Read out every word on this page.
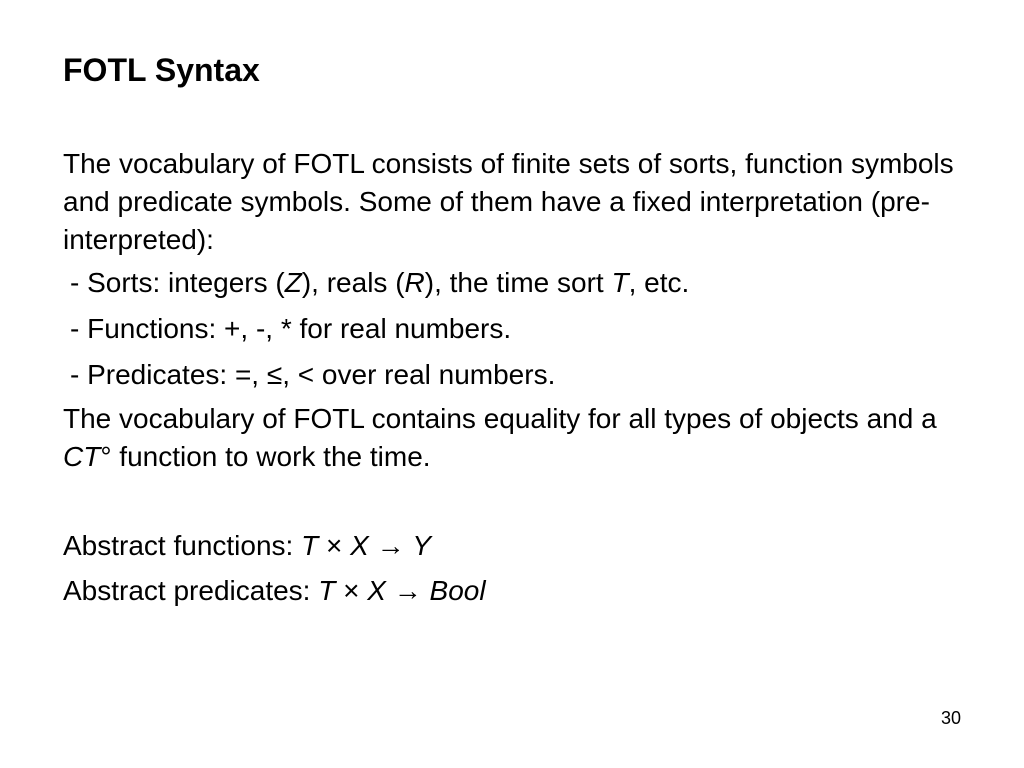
FOTL Syntax

The vocabulary of FOTL consists of finite sets of sorts, function symbols and predicate symbols. Some of them have a fixed interpretation (pre-interpreted):

- Sorts: integers (Z), reals (R), the time sort T, etc.

- Functions: +, -, * for real numbers.

- Predicates: =, ≤, < over real numbers.

The vocabulary of FOTL contains equality for all types of objects and a CT° function to work the time.

Abstract functions: T × X → Y

Abstract predicates: T × X → Bool

30
